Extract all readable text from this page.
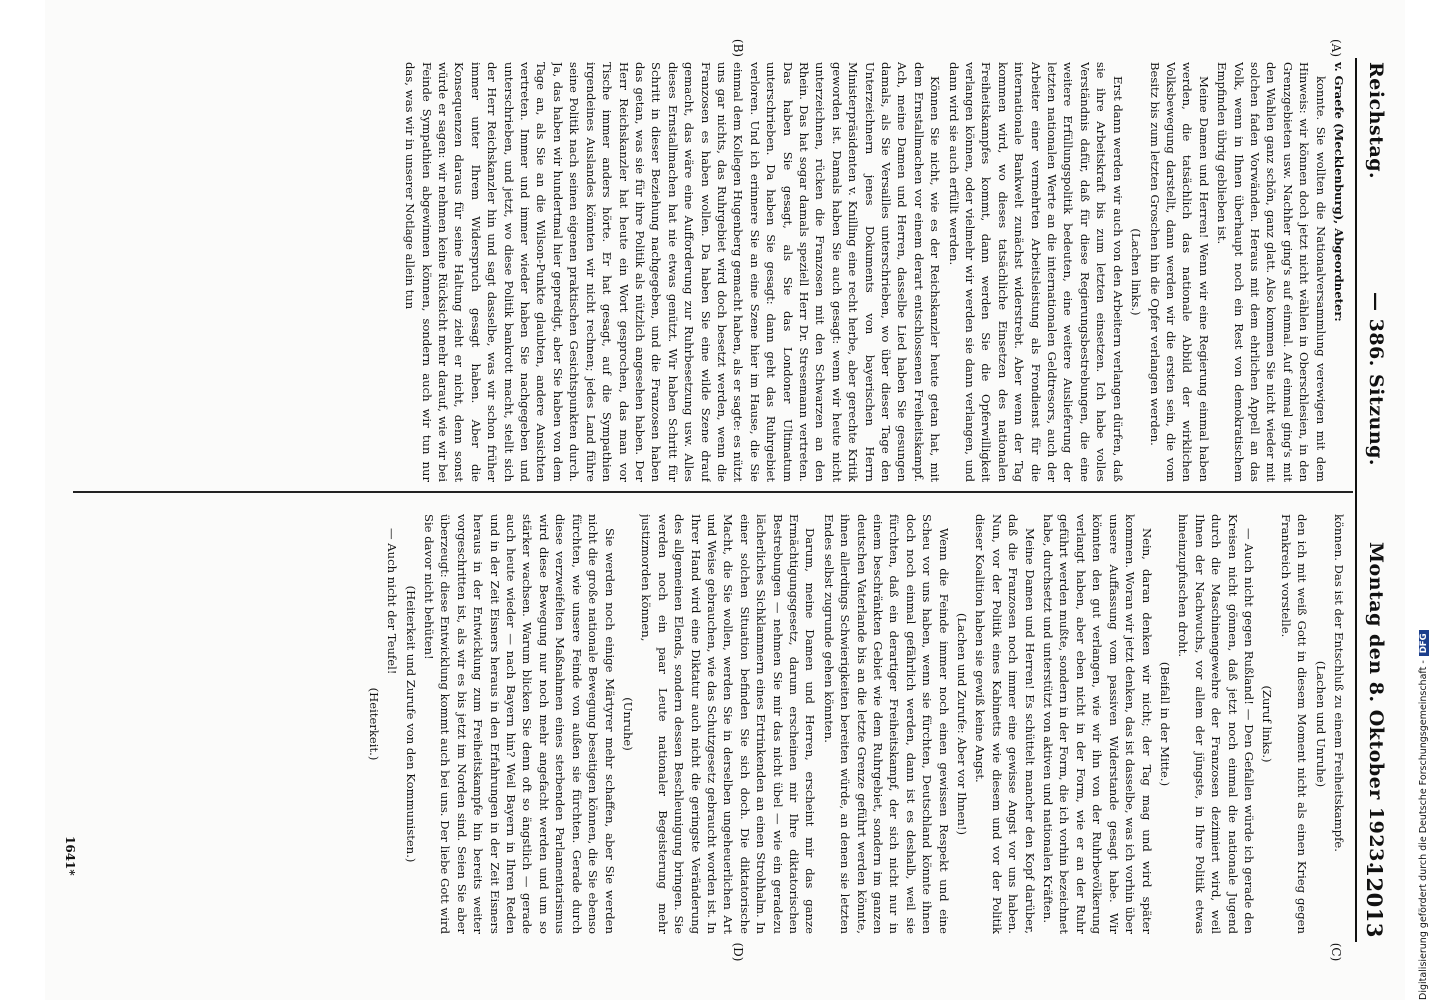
Reichstag.
— 386. Sitzung.
Montag den 8. Oktober 1923.
12013
(A)
(B)
(C)
(D)

v. Graefe (Mecklenburg), Abgeordneter:

konnte. Sie wollten die Nationalversammlung verewigen mit dem Hinweis: wir können doch jetzt nicht wählen in Oberschlesien, in den Grenzgebieten usw. Nachher ging's auf einmal. Auf einmal ging's mit den Wahlen ganz schön, ganz glatt. Also kommen Sie nicht wieder mit solchen faden Vorwänden. Heraus mit dem ehrlichen Appell an das Volk, wenn in Ihnen überhaupt noch ein Rest von demokratischem Empfinden übrig geblieben ist.

Meine Damen und Herren! Wenn wir eine Regierung einmal haben werden, die tatsächlich das nationale Abbild der wirklichen Volksbewegung darstellt, dann werden wir die ersten sein, die vom Besitz bis zum letzten Groschen hin die Opfer verlangen werden.

(Lachen links.)

Erst dann werden wir auch von den Arbeitern verlangen dürfen, daß sie ihre Arbeitskraft bis zum letzten einsetzen. Ich habe volles Verständnis dafür, daß für diese Regierungsbestrebungen, die eine weitere Erfüllungspolitik bedeuten, eine weitere Auslieferung der letzten nationalen Werte an die internationalen Geldtresors, auch der Arbeiter einer vermehrten Arbeitsleistung als Frondienst für die internationale Bankwelt zunächst widerstrebt. Aber wenn der Tag kommen wird, wo dieses tatsächliche Einsetzen des nationalen Freiheitskampfes kommt, dann werden Sie die Opferwilligkeit verlangen können, oder vielmehr wir werden sie dann verlangen, und dann wird sie auch erfüllt werden.

Können Sie nicht, wie es der Reichskanzler heute getan hat, mit dem Ernstallmachen vor einem derart entschlossenen Freiheitskampf. Ach, meine Damen und Herren, dasselbe Lied haben Sie gesungen damals, als Sie Versailles unterschrieben, wo über dieser Tage den Unterzeichnern jenes Dokuments von bayerischen Herrn Ministerpräsidenten v. Knilling eine recht herbe, aber gerechte Kritik geworden ist. Damals haben Sie auch gesagt: wenn wir heute nicht unterzeichnen, rücken die Franzosen mit den Schwarzen an den Rhein. Das hat sogar damals speziell Herr Dr. Stresemann vertreten. Das haben Sie gesagt, als Sie das Londoner Ultimatum unterschrieben. Da haben Sie gesagt: dann geht das Ruhrgebiet verloren. Und ich erinnere Sie an eine Szene hier im Hause, die Sie einmal dem Kollegen Hugenberg gemacht haben, als er sagte: es nützt uns gar nichts, das Ruhrgebiet wird doch besetzt werden, wenn die Franzosen es haben wollen. Da haben Sie eine wilde Szene drauf gemacht, das wäre eine Aufforderung zur Ruhrbesetzung usw. Alles dieses Ernstallmachen hat nie etwas genützt. Wir haben Schritt für Schritt in dieser Beziehung nachgegeben, und die Franzosen haben das getan, was sie für ihre Politik als nützlich angesehen haben. Der Herr Reichskanzler hat heute ein Wort gesprochen, das man vor Tische immer anders hörte. Er hat gesagt, auf die Sympathien irgendeines Auslandes könnten wir nicht rechnen; jedes Land führe seine Politik nach seinen eigenen praktischen Gesichtspunkten durch. Ja, das haben wir hundertmal hier gepredigt, aber Sie haben von dem Tage an, als Sie an die Wilson-Punkte glaubten, andere Ansichten vertreten. Immer und immer wieder haben Sie nachgegeben und unterschrieben, und jetzt, wo diese Politik bankrott macht, stellt sich der Herr Reichskanzler hin und sagt dasselbe, was wir schon früher immer unter Ihrem Widerspruch gesagt haben. Aber die Konsequenzen daraus für seine Haltung zieht er nicht, denn sonst würde er sagen: wir nehmen keine Rücksicht mehr darauf, wie wir bei Feinde Sympathien abgewinnen können, sondern auch wir tun nur das, was wir in unserer Notlage allein tun

können. Das ist der Entschluß zu einem Freiheitskampfe.

(Lachen und Unruhe)

den ich mit weiß Gott in diesem Moment nicht als einen Krieg gegen Frankreich vorstelle.

(Zuruf links.)

— Auch nicht gegen Rußland! — Den Gefallen würde ich gerade den Kreisen nicht gönnen, daß jetzt noch einmal die nationale Jugend durch die Maschinengewehre der Franzosen dezimiert wird, weil Ihnen der Nachwuchs, vor allem der jüngste, in Ihre Politik etwas hineinzupfuschen droht.

(Beifall in der Mitte.)

Nein, daran denken wir nicht; der Tag mag und wird später kommen. Woran wir jetzt denken, das ist dasselbe, was ich vorhin über unsere Auffassung vom passiven Widerstande gesagt habe. Wir könnten den gut verlangen, wie wir ihn von der Ruhrbevölkerung verlangt haben, aber eben nicht in der Form, wie er an der Ruhr geführt werden mußte, sondern in der Form, die ich vorhin bezeichnet habe, durchsetzt und unterstützt von aktiven und nationalen Kräften.

Meine Damen und Herren! Es schüttelt mancher den Kopf darüber, daß die Franzosen noch immer eine gewisse Angst vor uns haben. Nun, vor der Politik eines Kabinetts wie diesem und vor der Politik dieser Koalition haben sie gewiß keine Angst.

(Lachen und Zurufe: Aber vor Ihnen!)

Wenn die Feinde immer noch einen gewissen Respekt und eine Scheu vor uns haben, wenn sie fürchten, Deutschland könnte ihnen doch noch einmal gefährlich werden, dann ist es deshalb, weil sie fürchten, daß ein derartiger Freiheitskampf, der sich nicht nur in einem beschränkten Gebiet wie dem Ruhrgebiet, sondern im ganzen deutschen Vaterlande bis an die letzte Grenze geführt werden könnte, ihnen allerdings Schwierigkeiten bereiten würde, an denen sie letzten Endes selbst zugrunde gehen könnten.

Darum, meine Damen und Herren, erscheint mir das ganze Ermächtigungsgesetz, darum erscheinen mir Ihre diktatorischen Bestrebungen — nehmen Sie mir das nicht übel — wie ein geradezu lächerliches Sichklammern eines Ertrinkenden an einen Strohhalm. In einer solchen Situation befinden Sie sich doch. Die diktatorische Macht, die Sie wollen, werden Sie in derselben ungeheuerlichen Art und Weise gebrauchen, wie das Schutzgesetz gebraucht worden ist. In Ihrer Hand wird eine Diktatur auch nicht die geringste Veränderung des allgemeinen Elends, sondern dessen Beschleunigung bringen. Sie werden noch ein paar Leute nationaler Begeisterung mehr justizmorden können,

(Unruhe)

Sie werden noch einige Märtyrer mehr schaffen, aber Sie werden nicht die große nationale Bewegung beseitigen können, die Sie ebenso fürchten, wie unsere Feinde von außen sie fürchten. Gerade durch diese verzweifelten Maßnahmen eines sterbenden Parlamentarismus wird diese Bewegung nur noch mehr angefacht werden und um so stärker wachsen. Warum blicken Sie denn oft so ängstlich — gerade auch heute wieder — nach Bayern hin? Weil Bayern in Ihren Reden und in der Zeit Eisners heraus in den Erfahrungen in der Zeit Eisners heraus in der Entwicklung zum Freiheitskampfe hin bereits weiter vorgeschritten ist, als wir es bis jetzt im Norden sind. Seien Sie aber überzeugt: diese Entwicklung kommt auch bei uns. Der liebe Gott wird Sie davor nicht behüten!

(Heiterkeit und Zurufe von den Kommunisten.)

— Auch nicht der Teufel!

(Heiterkeit.)

1641*	Digitalisierung gefördert durch die Deutsche Forschungsgemeinschaft -DFG
